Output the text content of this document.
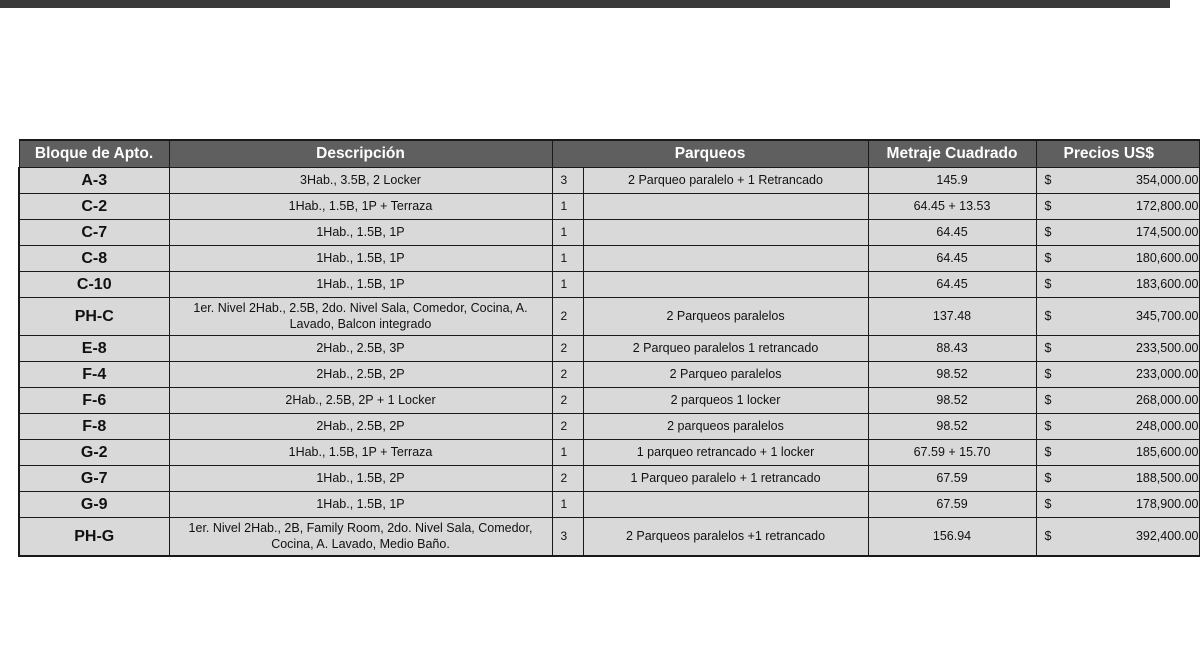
Bloque de Apto.	Descripción	Parqueos		Metraje Cuadrado	Precios US$	
A-3	3Hab., 3.5B, 2 Locker	3	2 Parqueo paralelo + 1 Retrancado	145.9	$	354,000.00
C-2	1Hab., 1.5B, 1P + Terraza	1		64.45 + 13.53	$	172,800.00
C-7	1Hab., 1.5B, 1P	1		64.45	$	174,500.00
C-8	1Hab., 1.5B, 1P	1		64.45	$	180,600.00
C-10	1Hab., 1.5B, 1P	1		64.45	$	183,600.00
PH-C	1er. Nivel 2Hab., 2.5B, 2do. Nivel Sala, Comedor, Cocina, A. Lavado, Balcon integrado	2	2 Parqueos paralelos	137.48	$	345,700.00
E-8	2Hab., 2.5B, 3P	2	2 Parqueo paralelos 1 retrancado	88.43	$	233,500.00
F-4	2Hab., 2.5B, 2P	2	2 Parqueo paralelos	98.52	$	233,000.00
F-6	2Hab., 2.5B, 2P + 1 Locker	2	2 parqueos 1 locker	98.52	$	268,000.00
F-8	2Hab., 2.5B, 2P	2	2 parqueos paralelos	98.52	$	248,000.00
G-2	1Hab., 1.5B, 1P + Terraza	1	1 parqueo retrancado + 1 locker	67.59 + 15.70	$	185,600.00
G-7	1Hab., 1.5B, 2P	2	1 Parqueo paralelo + 1 retrancado	67.59	$	188,500.00
G-9	1Hab., 1.5B, 1P	1		67.59	$	178,900.00
PH-G	1er. Nivel 2Hab., 2B, Family Room, 2do. Nivel Sala, Comedor, Cocina, A. Lavado, Medio Baño.	3	2 Parqueos paralelos +1 retrancado	156.94	$	392,400.00
